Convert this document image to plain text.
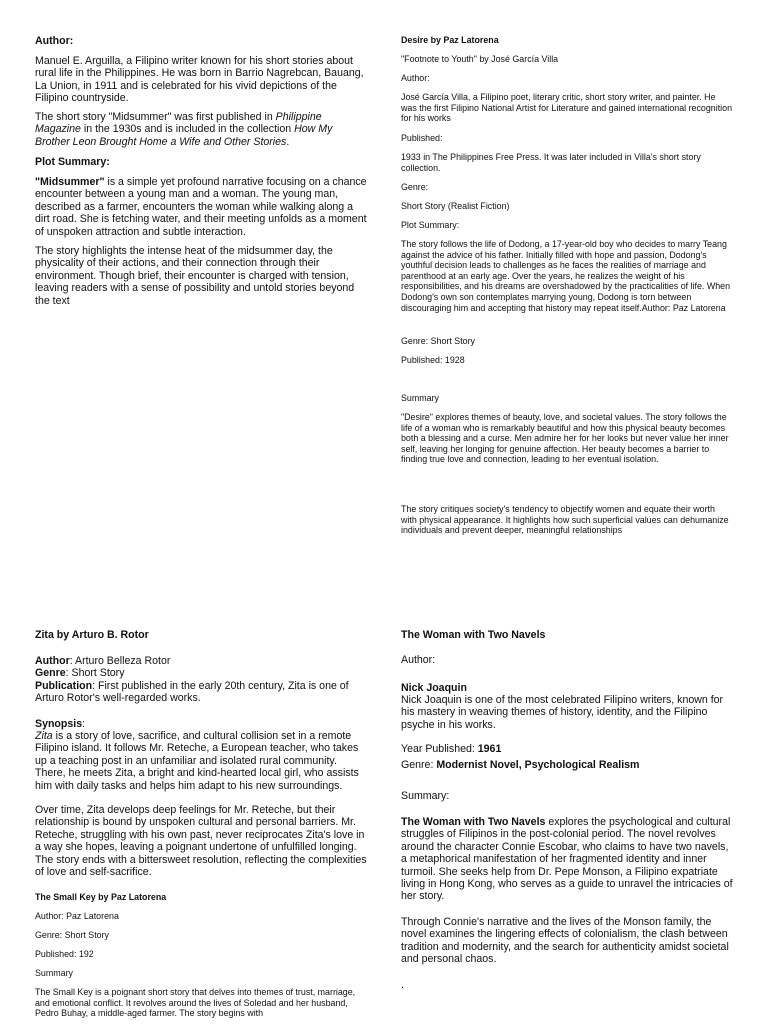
Author:

Manuel E. Arguilla, a Filipino writer known for his short stories about rural life in the Philippines. He was born in Barrio Nagrebcan, Bauang, La Union, in 1911 and is celebrated for his vivid depictions of the Filipino countryside.

The short story "Midsummer" was first published in Philippine Magazine in the 1930s and is included in the collection How My Brother Leon Brought Home a Wife and Other Stories.

Plot Summary:

"Midsummer" is a simple yet profound narrative focusing on a chance encounter between a young man and a woman. The young man, described as a farmer, encounters the woman while walking along a dirt road. She is fetching water, and their meeting unfolds as a moment of unspoken attraction and subtle interaction.

The story highlights the intense heat of the midsummer day, the physicality of their actions, and their connection through their environment. Though brief, their encounter is charged with tension, leaving readers with a sense of possibility and untold stories beyond the text

Desire by Paz Latorena

"Footnote to Youth" by José García Villa

Author:

José García Villa, a Filipino poet, literary critic, short story writer, and painter. He was the first Filipino National Artist for Literature and gained international recognition for his works

Published:

1933 in The Philippines Free Press. It was later included in Villa's short story collection.

Genre:

Short Story (Realist Fiction)

Plot Summary:

The story follows the life of Dodong, a 17-year-old boy who decides to marry Teang against the advice of his father. Initially filled with hope and passion, Dodong's youthful decision leads to challenges as he faces the realities of marriage and parenthood at an early age. Over the years, he realizes the weight of his responsibilities, and his dreams are overshadowed by the practicalities of life. When Dodong's own son contemplates marrying young, Dodong is torn between discouraging him and accepting that history may repeat itself.Author: Paz Latorena

Genre: Short Story

Published: 1928

Summary

"Desire" explores themes of beauty, love, and societal values. The story follows the life of a woman who is remarkably beautiful and how this physical beauty becomes both a blessing and a curse. Men admire her for her looks but never value her inner self, leaving her longing for genuine affection. Her beauty becomes a barrier to finding true love and connection, leading to her eventual isolation.

The story critiques society's tendency to objectify women and equate their worth with physical appearance. It highlights how such superficial values can dehumanize individuals and prevent deeper, meaningful relationships

Zita by Arturo B. Rotor

Author: Arturo Belleza Rotor

Genre: Short Story

Publication: First published in the early 20th century, Zita is one of Arturo Rotor's well-regarded works.

Synopsis:

Zita is a story of love, sacrifice, and cultural collision set in a remote Filipino island. It follows Mr. Reteche, a European teacher, who takes up a teaching post in an unfamiliar and isolated rural community. There, he meets Zita, a bright and kind-hearted local girl, who assists him with daily tasks and helps him adapt to his new surroundings.

Over time, Zita develops deep feelings for Mr. Reteche, but their relationship is bound by unspoken cultural and personal barriers. Mr. Reteche, struggling with his own past, never reciprocates Zita's love in a way she hopes, leaving a poignant undertone of unfulfilled longing. The story ends with a bittersweet resolution, reflecting the complexities of love and self-sacrifice.

The Small Key by Paz Latorena

Author: Paz Latorena

Genre: Short Story

Published: 192

Summary

The Small Key is a poignant short story that delves into themes of trust, marriage, and emotional conflict. It revolves around the lives of Soledad and her husband, Pedro Buhay, a middle-aged farmer. The story begins with

The Woman with Two Navels

Author:

Nick Joaquin

Nick Joaquin is one of the most celebrated Filipino writers, known for his mastery in weaving themes of history, identity, and the Filipino psyche in his works.

Year Published: 1961

Genre: Modernist Novel, Psychological Realism

Summary:

The Woman with Two Navels explores the psychological and cultural struggles of Filipinos in the post-colonial period. The novel revolves around the character Connie Escobar, who claims to have two navels, a metaphorical manifestation of her fragmented identity and inner turmoil. She seeks help from Dr. Pepe Monson, a Filipino expatriate living in Hong Kong, who serves as a guide to unravel the intricacies of her story.

Through Connie's narrative and the lives of the Monson family, the novel examines the lingering effects of colonialism, the clash between tradition and modernity, and the search for authenticity amidst societal and personal chaos.

.
